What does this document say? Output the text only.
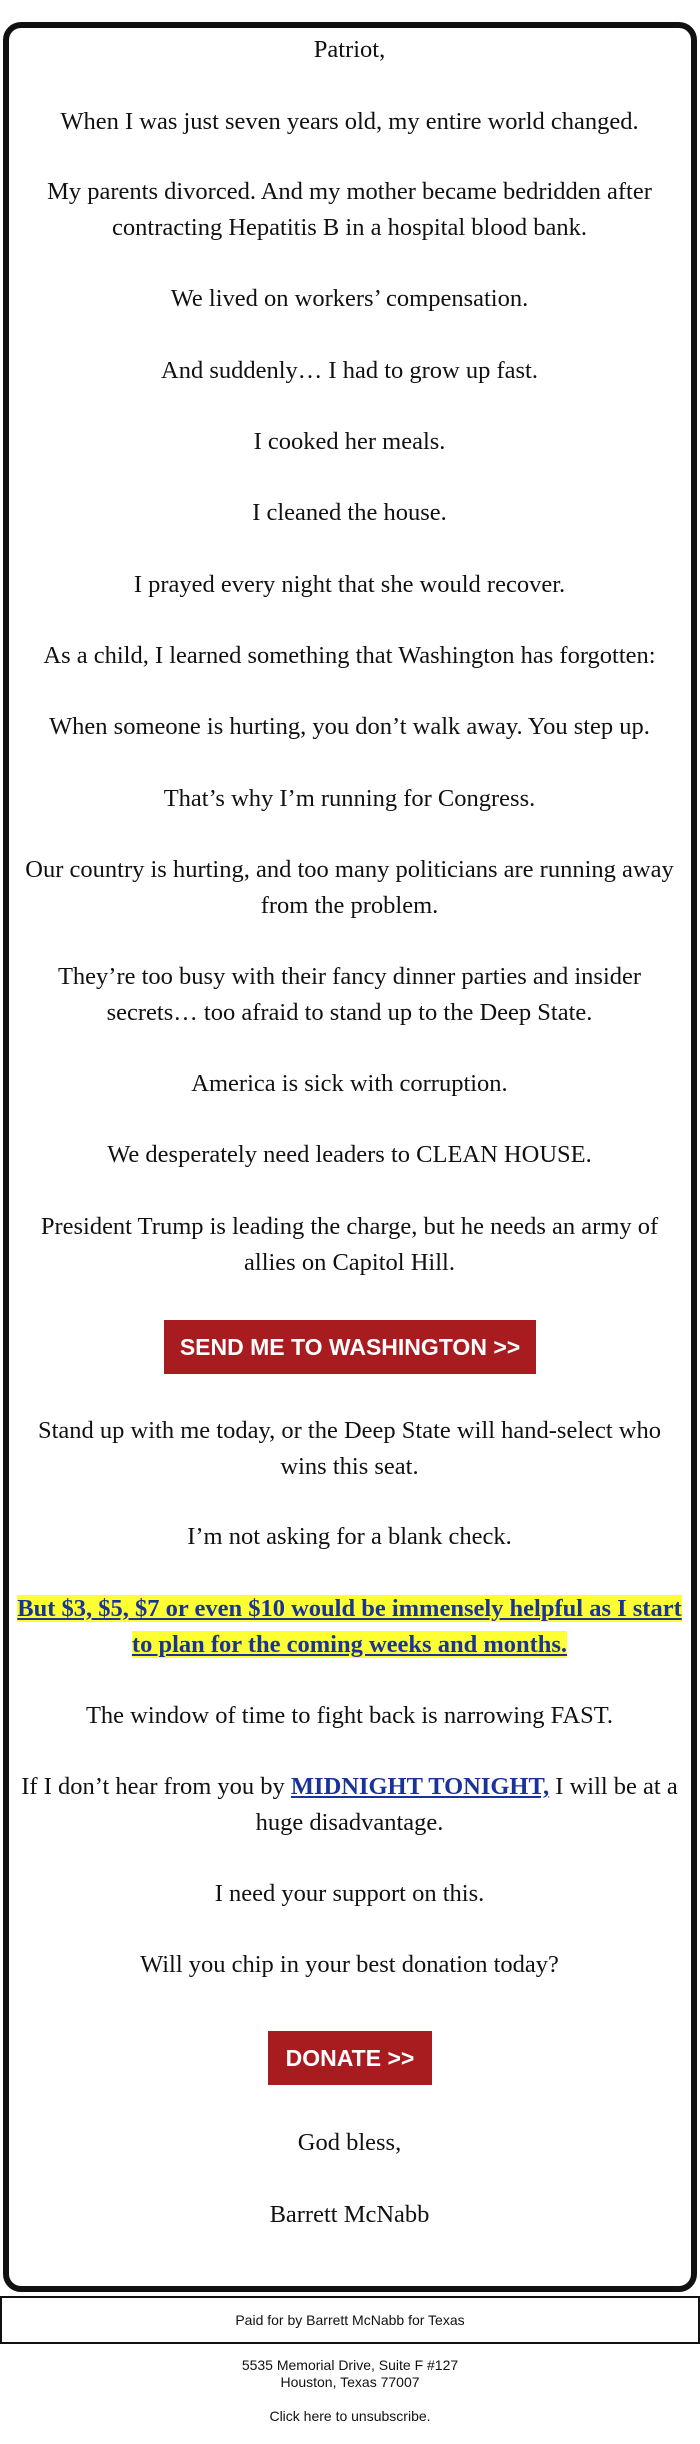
Patriot,
When I was just seven years old, my entire world changed.
My parents divorced. And my mother became bedridden after contracting Hepatitis B in a hospital blood bank.
We lived on workers’ compensation.
And suddenly… I had to grow up fast.
I cooked her meals.
I cleaned the house.
I prayed every night that she would recover.
As a child, I learned something that Washington has forgotten:
When someone is hurting, you don’t walk away. You step up.
That’s why I’m running for Congress.
Our country is hurting, and too many politicians are running away from the problem.
They’re too busy with their fancy dinner parties and insider secrets… too afraid to stand up to the Deep State.
America is sick with corruption.
We desperately need leaders to CLEAN HOUSE.
President Trump is leading the charge, but he needs an army of allies on Capitol Hill.
SEND ME TO WASHINGTON >>
Stand up with me today, or the Deep State will hand-select who wins this seat.
I’m not asking for a blank check.
But $3, $5, $7 or even $10 would be immensely helpful as I start to plan for the coming weeks and months.
The window of time to fight back is narrowing FAST.
If I don’t hear from you by MIDNIGHT TONIGHT, I will be at a huge disadvantage.
I need your support on this.
Will you chip in your best donation today?
DONATE >>
God bless,
Barrett McNabb
Paid for by Barrett McNabb for Texas
5535 Memorial Drive, Suite F #127
Houston, Texas 77007
Click here to unsubscribe.
